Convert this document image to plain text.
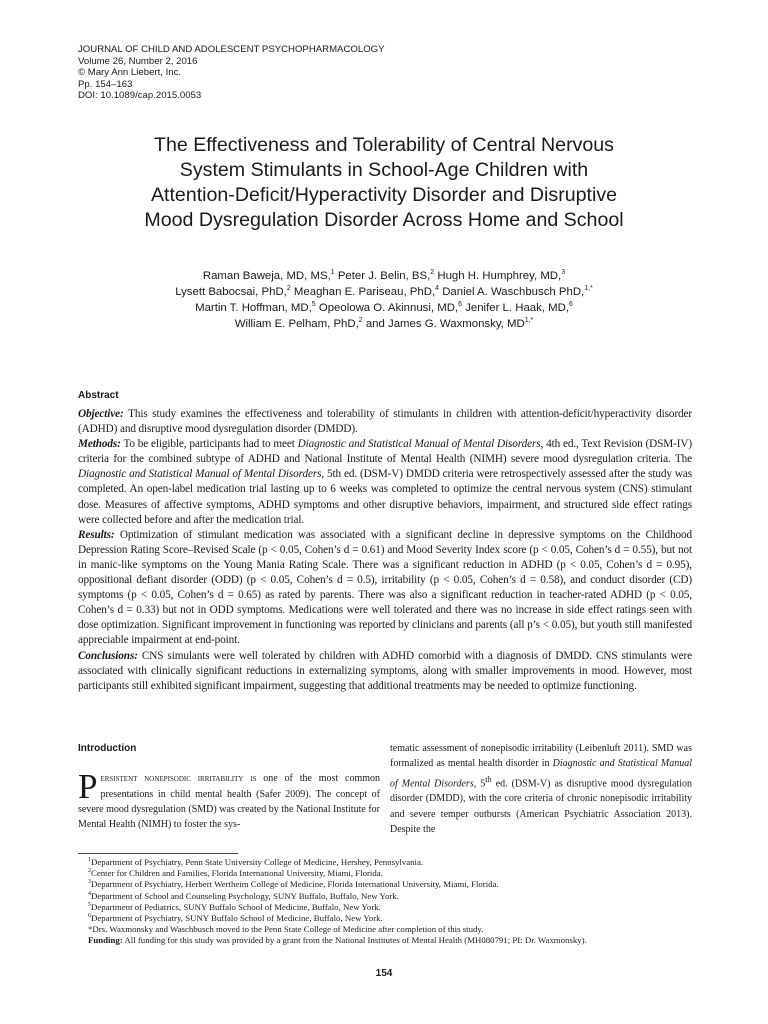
JOURNAL OF CHILD AND ADOLESCENT PSYCHOPHARMACOLOGY
Volume 26, Number 2, 2016
© Mary Ann Liebert, Inc.
Pp. 154–163
DOI: 10.1089/cap.2015.0053
The Effectiveness and Tolerability of Central Nervous
System Stimulants in School-Age Children with
Attention-Deficit/Hyperactivity Disorder and Disruptive
Mood Dysregulation Disorder Across Home and School
Raman Baweja, MD, MS,$^1$ Peter J. Belin, BS,$^2$ Hugh H. Humphrey, MD,$^3$
Lysett Babocsai, PhD,$^2$ Meaghan E. Pariseau, PhD,$^4$ Daniel A. Waschbusch PhD,$^{1,*}$
Martin T. Hoffman, MD,$^5$ Opeolowa O. Akinnusi, MD,$^6$ Jenifer L. Haak, MD,$^6$
William E. Pelham, PhD,$^2$ and James G. Waxmonsky, $MD^{1,*}$
Abstract

Objective: This study examines the effectiveness and tolerability of stimulants in children with attention-deficit/hyperactivity disorder (ADHD) and disruptive mood dysregulation disorder (DMDD).

Methods: To be eligible, participants had to meet Diagnostic and Statistical Manual of Mental Disorders, 4th ed., Text Revision (DSM-IV) criteria for the combined subtype of ADHD and National Institute of Mental Health (NIMH) severe mood dysregulation criteria. The Diagnostic and Statistical Manual of Mental Disorders, 5th ed. (DSM-V) DMDD criteria were retrospectively assessed after the study was completed. An open-label medication trial lasting up to 6 weeks was completed to optimize the central nervous system (CNS) stimulant dose. Measures of affective symptoms, ADHD symptoms and other disruptive behaviors, impairment, and structured side effect ratings were collected before and after the medication trial.

Results: Optimization of stimulant medication was associated with a significant decline in depressive symptoms on the Childhood Depression Rating Score–Revised Scale (p < 0.05, Cohen’s d = 0.61) and Mood Severity Index score (p < 0.05, Cohen’s d = 0.55), but not in manic-like symptoms on the Young Mania Rating Scale. There was a significant reduction in ADHD (p < 0.05, Cohen’s d = 0.95), oppositional defiant disorder (ODD) (p < 0.05, Cohen’s d = 0.5), irritability (p < 0.05, Cohen’s d = 0.58), and conduct disorder (CD) symptoms (p < 0.05, Cohen’s d = 0.65) as rated by parents. There was also a significant reduction in teacher-rated ADHD (p < 0.05, Cohen’s d = 0.33) but not in ODD symptoms. Medications were well tolerated and there was no increase in side effect ratings seen with dose optimization. Significant improvement in functioning was reported by clinicians and parents (all p’s < 0.05), but youth still manifested appreciable impairment at end-point.

Conclusions: CNS simulants were well tolerated by children with ADHD comorbid with a diagnosis of DMDD. CNS stimulants were associated with clinically significant reductions in externalizing symptoms, along with smaller improvements in mood. However, most participants still exhibited significant impairment, suggesting that additional treatments may be needed to optimize functioning.

Introduction

Persistent nonepisodic irritability is one of the most common presentations in child mental health (Safer 2009). The concept of severe mood dysregulation (SMD) was created by the National Institute for Mental Health (NIMH) to foster the sys-

tematic assessment of nonepisodic irritability (Leibenluft 2011). SMD was formalized as mental health disorder in Diagnostic and Statistical Manual of Mental Disorders, 5th ed. (DSM-V) as disruptive mood dysregulation disorder (DMDD), with the core criteria of chronic nonepisodic irritability and severe temper outbursts (American Psychiatric Association 2013). Despite the

$^1$Department of Psychiatry, Penn State University College of Medicine, Hershey, Pennsylvania.
$^2$Center for Children and Families, Florida International University, Miami, Florida.
$^3$Department of Psychiatry, Herbert Wertheim College of Medicine, Florida International University, Miami, Florida.
$^4$Department of School and Counseling Psychology, SUNY Buffalo, Buffalo, New York.
$^5$Department of Pediatrics, SUNY Buffalo School of Medicine, Buffalo, New York.
$^6$Department of Psychiatry, SUNY Buffalo School of Medicine, Buffalo, New York.
*Drs. Waxmonsky and Waschbusch moved to the Penn State College of Medicine after completion of this study.
Funding: All funding for this study was provided by a grant from the National Institutes of Mental Health (MH080791; PI: Dr. Waxmonsky).
154
